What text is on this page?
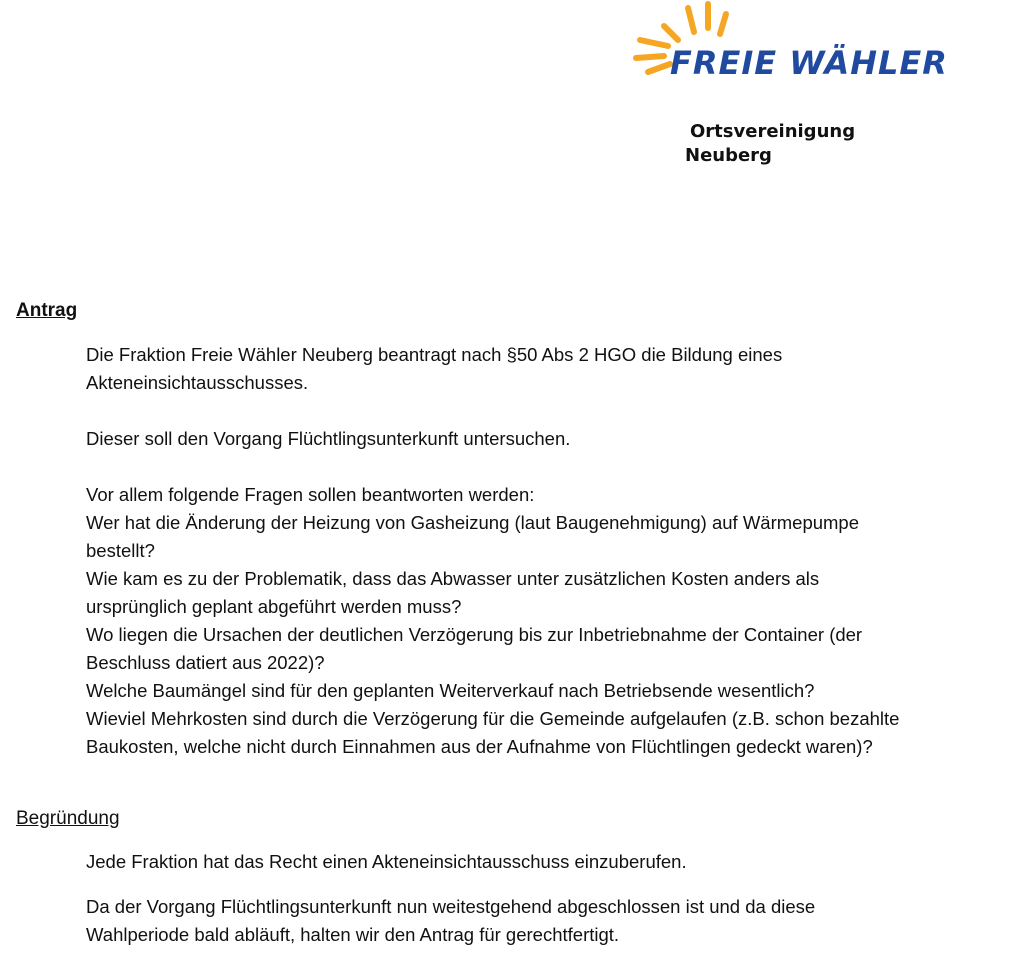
FREIE WÄHLER
Ortsvereinigung
Neuberg
Antrag

Die Fraktion Freie Wähler Neuberg beantragt nach §50 Abs 2 HGO die Bildung eines Akteneinsichtausschusses.

Dieser soll den Vorgang Flüchtlingsunterkunft untersuchen.

Vor allem folgende Fragen sollen beantworten werden:

Wer hat die Änderung der Heizung von Gasheizung (laut Baugenehmigung) auf Wärmepumpe bestellt?

Wie kam es zu der Problematik, dass das Abwasser unter zusätzlichen Kosten anders als ursprünglich geplant abgeführt werden muss?

Wo liegen die Ursachen der deutlichen Verzögerung bis zur Inbetriebnahme der Container (der Beschluss datiert aus 2022)?

Welche Baumängel sind für den geplanten Weiterverkauf nach Betriebsende wesentlich?

Wieviel Mehrkosten sind durch die Verzögerung für die Gemeinde aufgelaufen (z.B. schon bezahlte Baukosten, welche nicht durch Einnahmen aus der Aufnahme von Flüchtlingen gedeckt waren)?

Begründung

Jede Fraktion hat das Recht einen Akteneinsichtausschuss einzuberufen.

Da der Vorgang Flüchtlingsunterkunft nun weitestgehend abgeschlossen ist und da diese Wahlperiode bald abläuft, halten wir den Antrag für gerechtfertigt.
